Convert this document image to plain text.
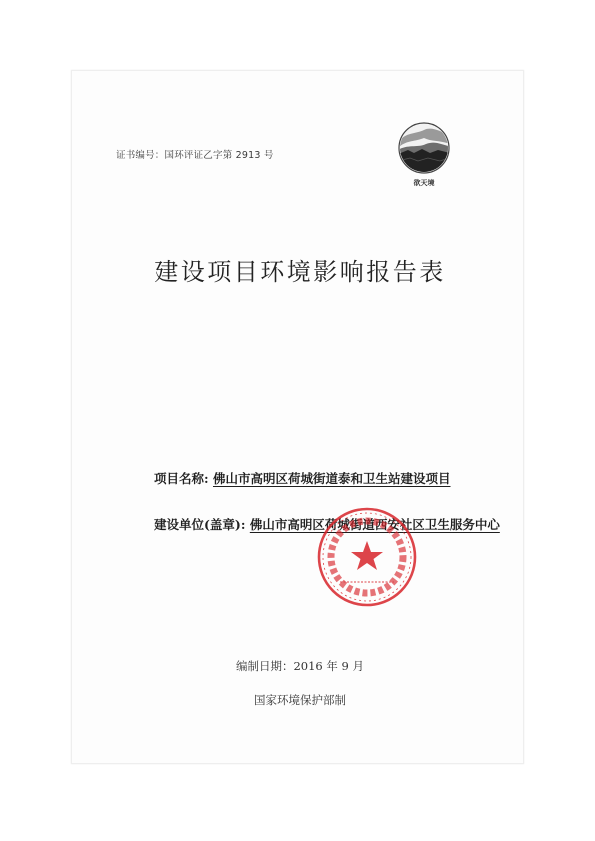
证书编号：国环评证乙字第 2913 号
欲天境
建设项目环境影响报告表
项目名称: 佛山市高明区荷城街道泰和卫生站建设项目
建设单位(盖章): 佛山市高明区荷城街道西安社区卫生服务中心
编制日期：2016 年 9 月
国家环境保护部制
